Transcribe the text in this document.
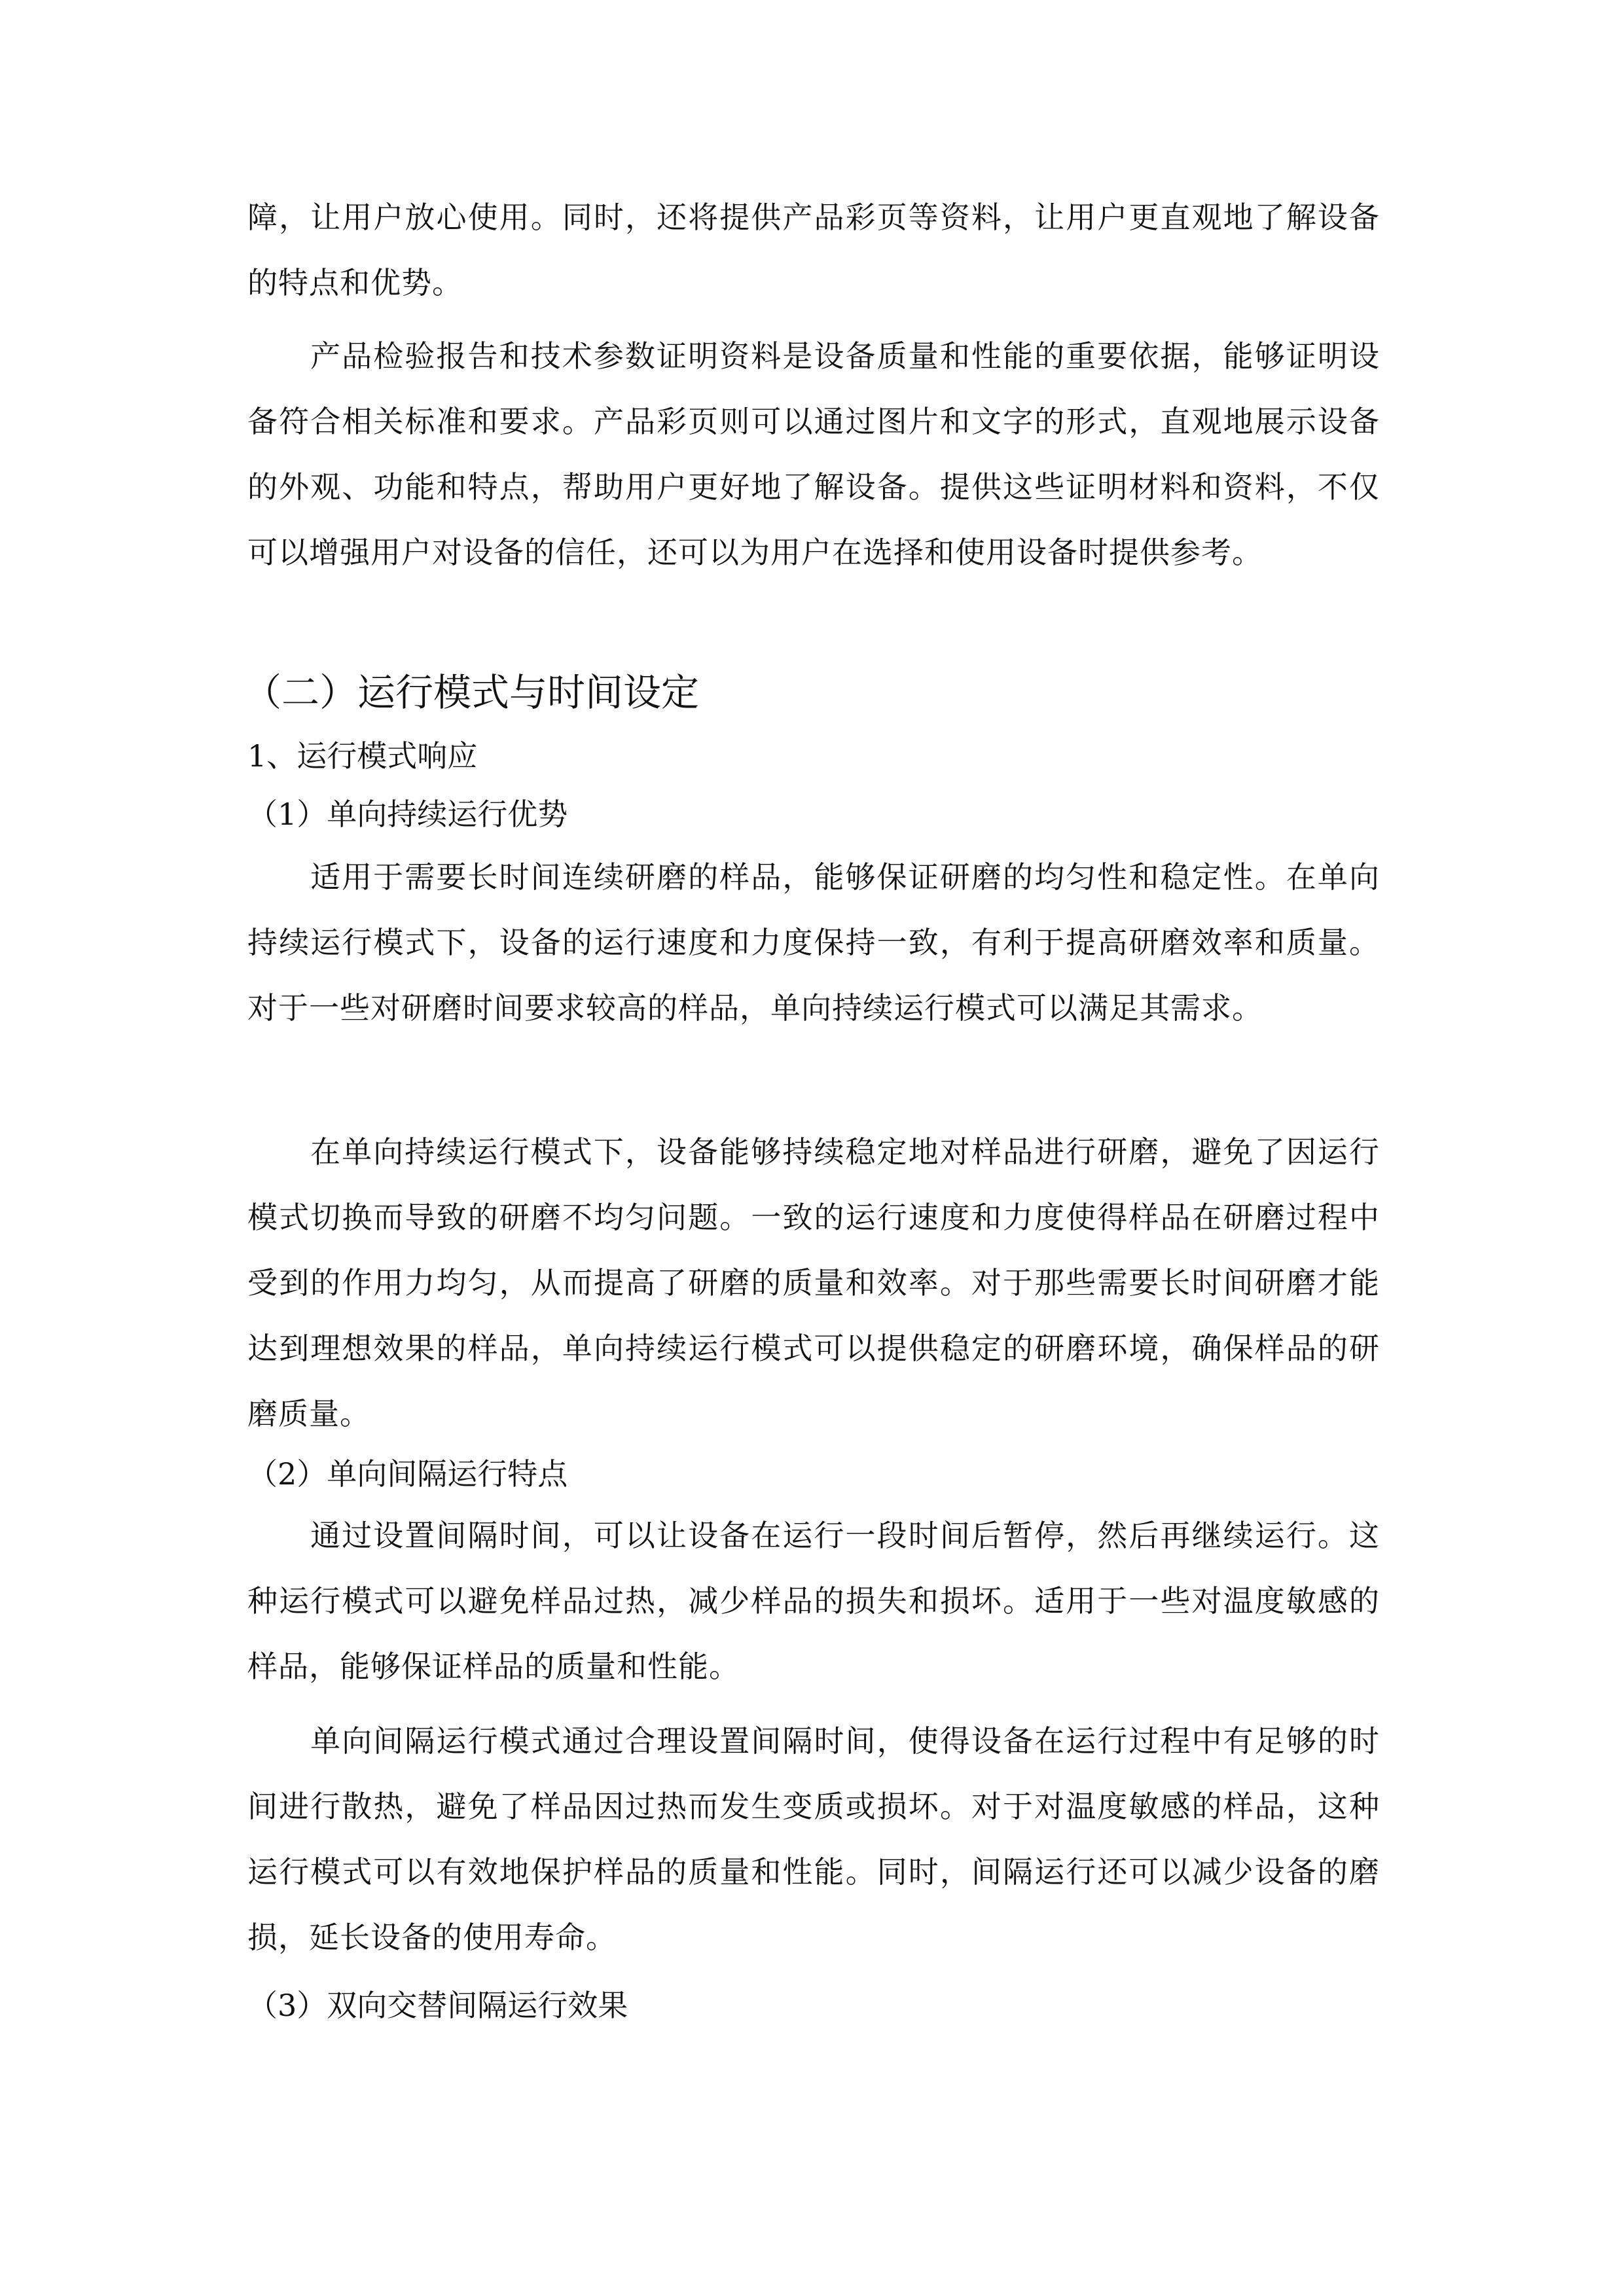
障，让用户放心使用。同时，还将提供产品彩页等资料，让用户更直观地了解设备的特点和优势。

产品检验报告和技术参数证明资料是设备质量和性能的重要依据，能够证明设备符合相关标准和要求。产品彩页则可以通过图片和文字的形式，直观地展示设备的外观、功能和特点，帮助用户更好地了解设备。提供这些证明材料和资料，不仅可以增强用户对设备的信任，还可以为用户在选择和使用设备时提供参考。

（二）运行模式与时间设定
1、运行模式响应
（1）单向持续运行优势

适用于需要长时间连续研磨的样品，能够保证研磨的均匀性和稳定性。在单向持续运行模式下，设备的运行速度和力度保持一致，有利于提高研磨效率和质量。对于一些对研磨时间要求较高的样品，单向持续运行模式可以满足其需求。

在单向持续运行模式下，设备能够持续稳定地对样品进行研磨，避免了因运行模式切换而导致的研磨不均匀问题。一致的运行速度和力度使得样品在研磨过程中受到的作用力均匀，从而提高了研磨的质量和效率。对于那些需要长时间研磨才能达到理想效果的样品，单向持续运行模式可以提供稳定的研磨环境，确保样品的研磨质量。

（2）单向间隔运行特点

通过设置间隔时间，可以让设备在运行一段时间后暂停，然后再继续运行。这种运行模式可以避免样品过热，减少样品的损失和损坏。适用于一些对温度敏感的样品，能够保证样品的质量和性能。

单向间隔运行模式通过合理设置间隔时间，使得设备在运行过程中有足够的时间进行散热，避免了样品因过热而发生变质或损坏。对于对温度敏感的样品，这种运行模式可以有效地保护样品的质量和性能。同时，间隔运行还可以减少设备的磨损，延长设备的使用寿命。

（3）双向交替间隔运行效果
